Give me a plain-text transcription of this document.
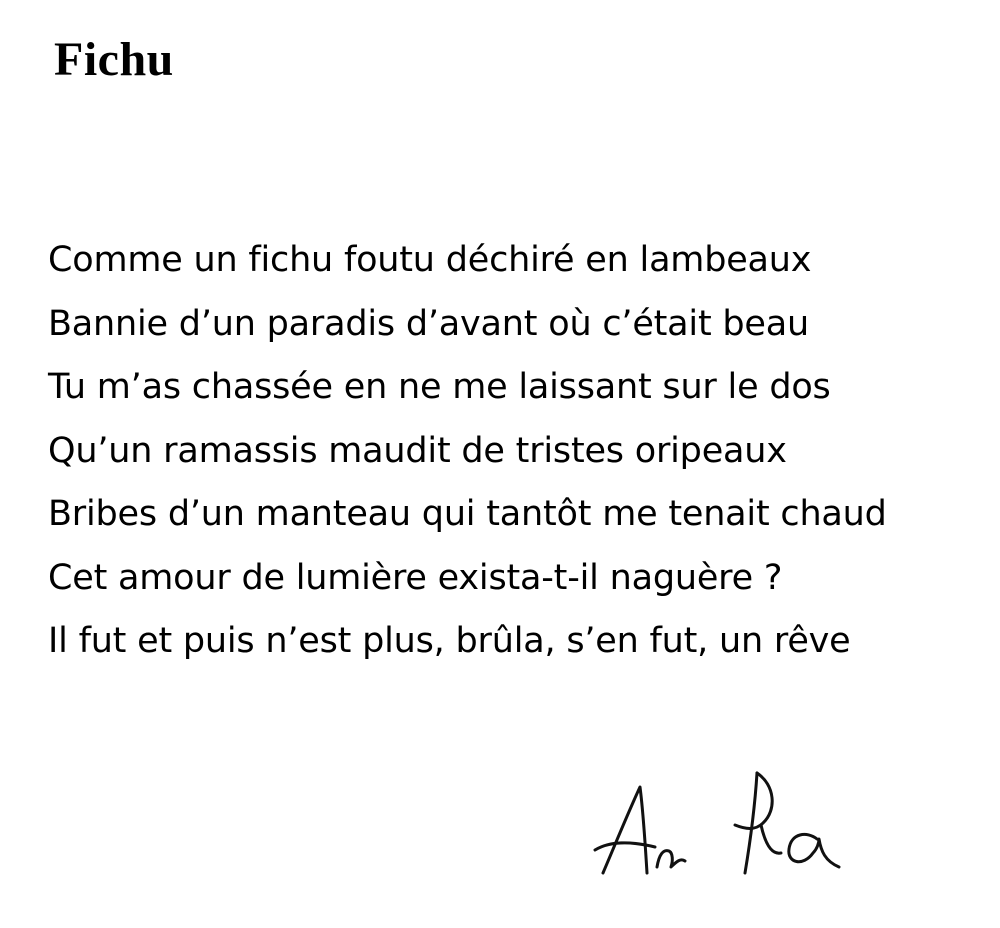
Fichu
Comme un fichu foutu déchiré en lambeaux
Bannie d’un paradis d’avant où c’était beau
Tu m’as chassée en ne me laissant sur le dos
Qu’un ramassis maudit de tristes oripeaux
Bribes d’un manteau qui tantôt me tenait chaud
Cet amour de lumière exista-t-il naguère ?
Il fut et puis n’est plus, brûla, s’en fut, un rêve
